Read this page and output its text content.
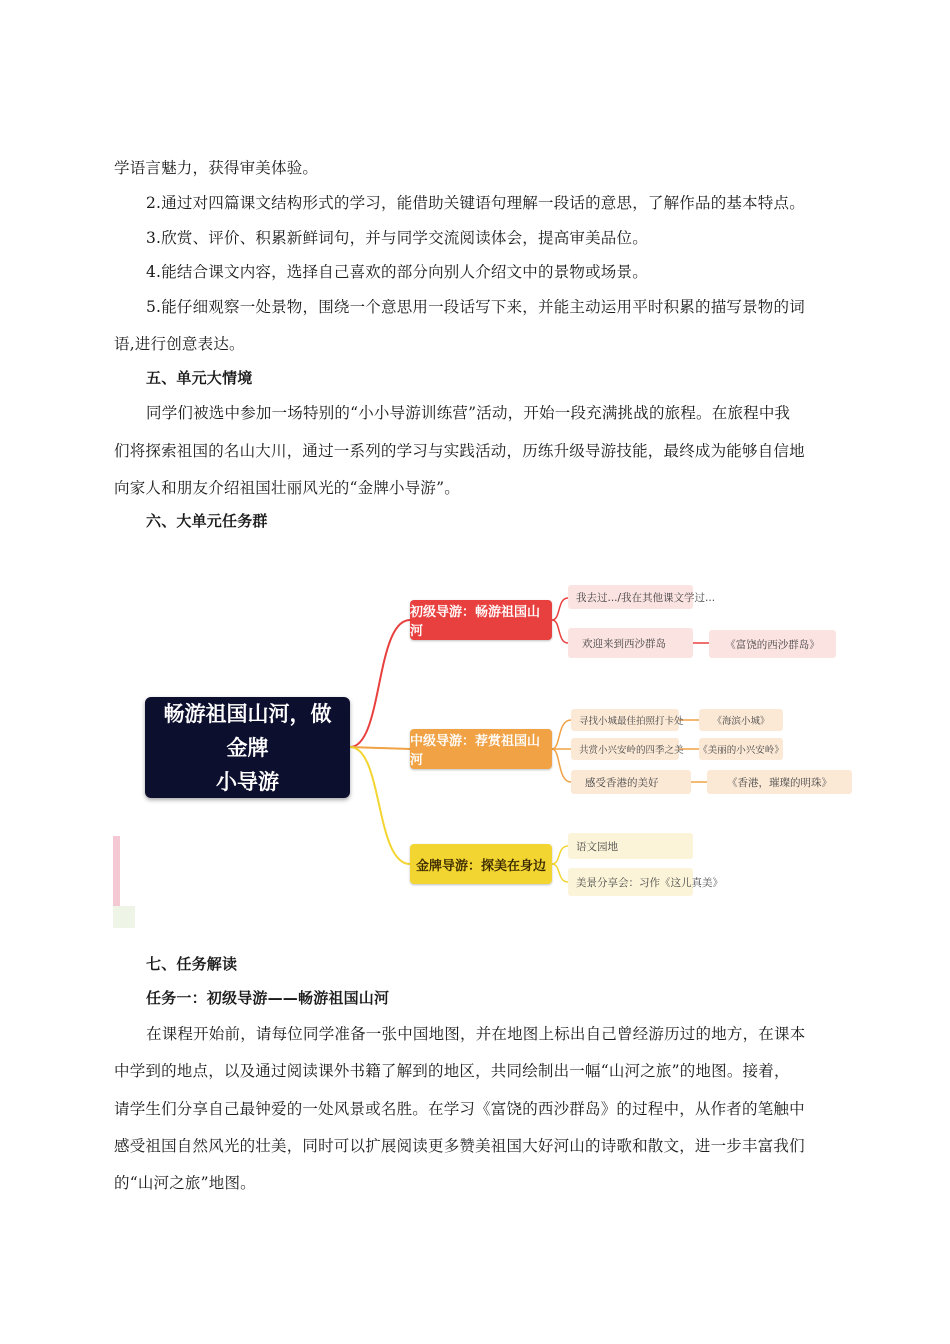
学语言魅力，获得审美体验。
2.通过对四篇课文结构形式的学习，能借助关键语句理解一段话的意思，了解作品的基本特点。
3.欣赏、评价、积累新鲜词句，并与同学交流阅读体会，提高审美品位。
4.能结合课文内容，选择自己喜欢的部分向别人介绍文中的景物或场景。
5.能仔细观察一处景物，围绕一个意思用一段话写下来，并能主动运用平时积累的描写景物的词
语,进行创意表达。
五、单元大情境
同学们被选中参加一场特别的“小小导游训练营”活动，开始一段充满挑战的旅程。在旅程中我
们将探索祖国的名山大川，通过一系列的学习与实践活动，历练升级导游技能，最终成为能够自信地
向家人和朋友介绍祖国壮丽风光的“金牌小导游”。
六、大单元任务群
畅游祖国山河，做金牌
小导游
初级导游：畅游祖国山河
我去过.../我在其他课文学过...
欢迎来到西沙群岛	《富饶的西沙群岛》
中级导游：荐赏祖国山河
寻找小城最佳拍照打卡处
共赏小兴安岭的四季之美
感受香港的美好
《海滨小城》
《美丽的小兴安岭》
《香港，璀璨的明珠》
金牌导游：探美在身边
语文园地
美景分享会：习作《这儿真美》
七、任务解读
任务一：初级导游——畅游祖国山河
在课程开始前，请每位同学准备一张中国地图，并在地图上标出自己曾经游历过的地方，在课本
中学到的地点，以及通过阅读课外书籍了解到的地区，共同绘制出一幅“山河之旅”的地图。接着，
请学生们分享自己最钟爱的一处风景或名胜。在学习《富饶的西沙群岛》的过程中，从作者的笔触中
感受祖国自然风光的壮美，同时可以扩展阅读更多赞美祖国大好河山的诗歌和散文，进一步丰富我们
的“山河之旅”地图。
